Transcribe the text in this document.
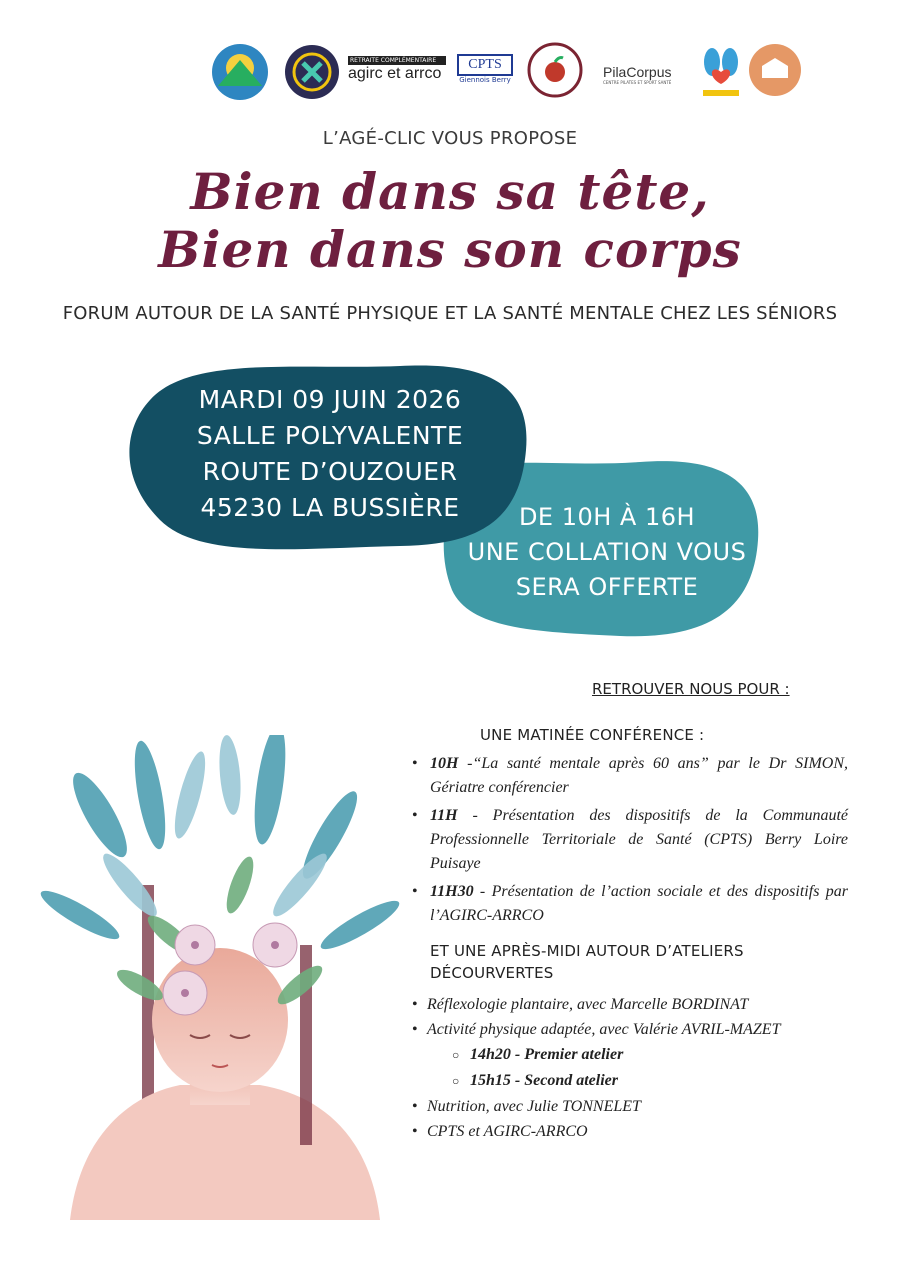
RETRAITE COMPLÉMENTAIRE
agirc et arrco
CPTS
Giennois Berry	PilaCorpus
CENTRE PILATES ET SPORT SANTÉ
L’AGÉ-CLIC VOUS PROPOSE
Bien dans sa tête,
Bien dans son corps
FORUM AUTOUR DE LA SANTÉ PHYSIQUE ET LA SANTÉ MENTALE CHEZ LES SÉNIORS
MARDI 09 JUIN 2026
SALLE POLYVALENTE
ROUTE D’OUZOUER
45230 LA BUSSIÈRE	DE 10H À 16H
UNE COLLATION VOUS
SERA OFFERTE
RETROUVER NOUS POUR :
UNE MATINÉE CONFÉRENCE :
• 10H -“La santé mentale après 60 ans” par le Dr SIMON, Gériatre conférencier
• 11H - Présentation des dispositifs de la Communauté Professionnelle Territoriale de Santé (CPTS) Berry Loire Puisaye
• 11H30 - Présentation de l’action sociale et des dispositifs par l’AGIRC-ARRCO
ET UNE APRÈS-MIDI AUTOUR D’ATELIERS
DÉCOURVERTES
• Réflexologie plantaire, avec Marcelle BORDINAT
• Activité physique adaptée, avec Valérie AVRIL-MAZET
○ 14h20 - Premier atelier
○ 15h15 - Second atelier
• Nutrition, avec Julie TONNELET
• CPTS et AGIRC-ARRCO
